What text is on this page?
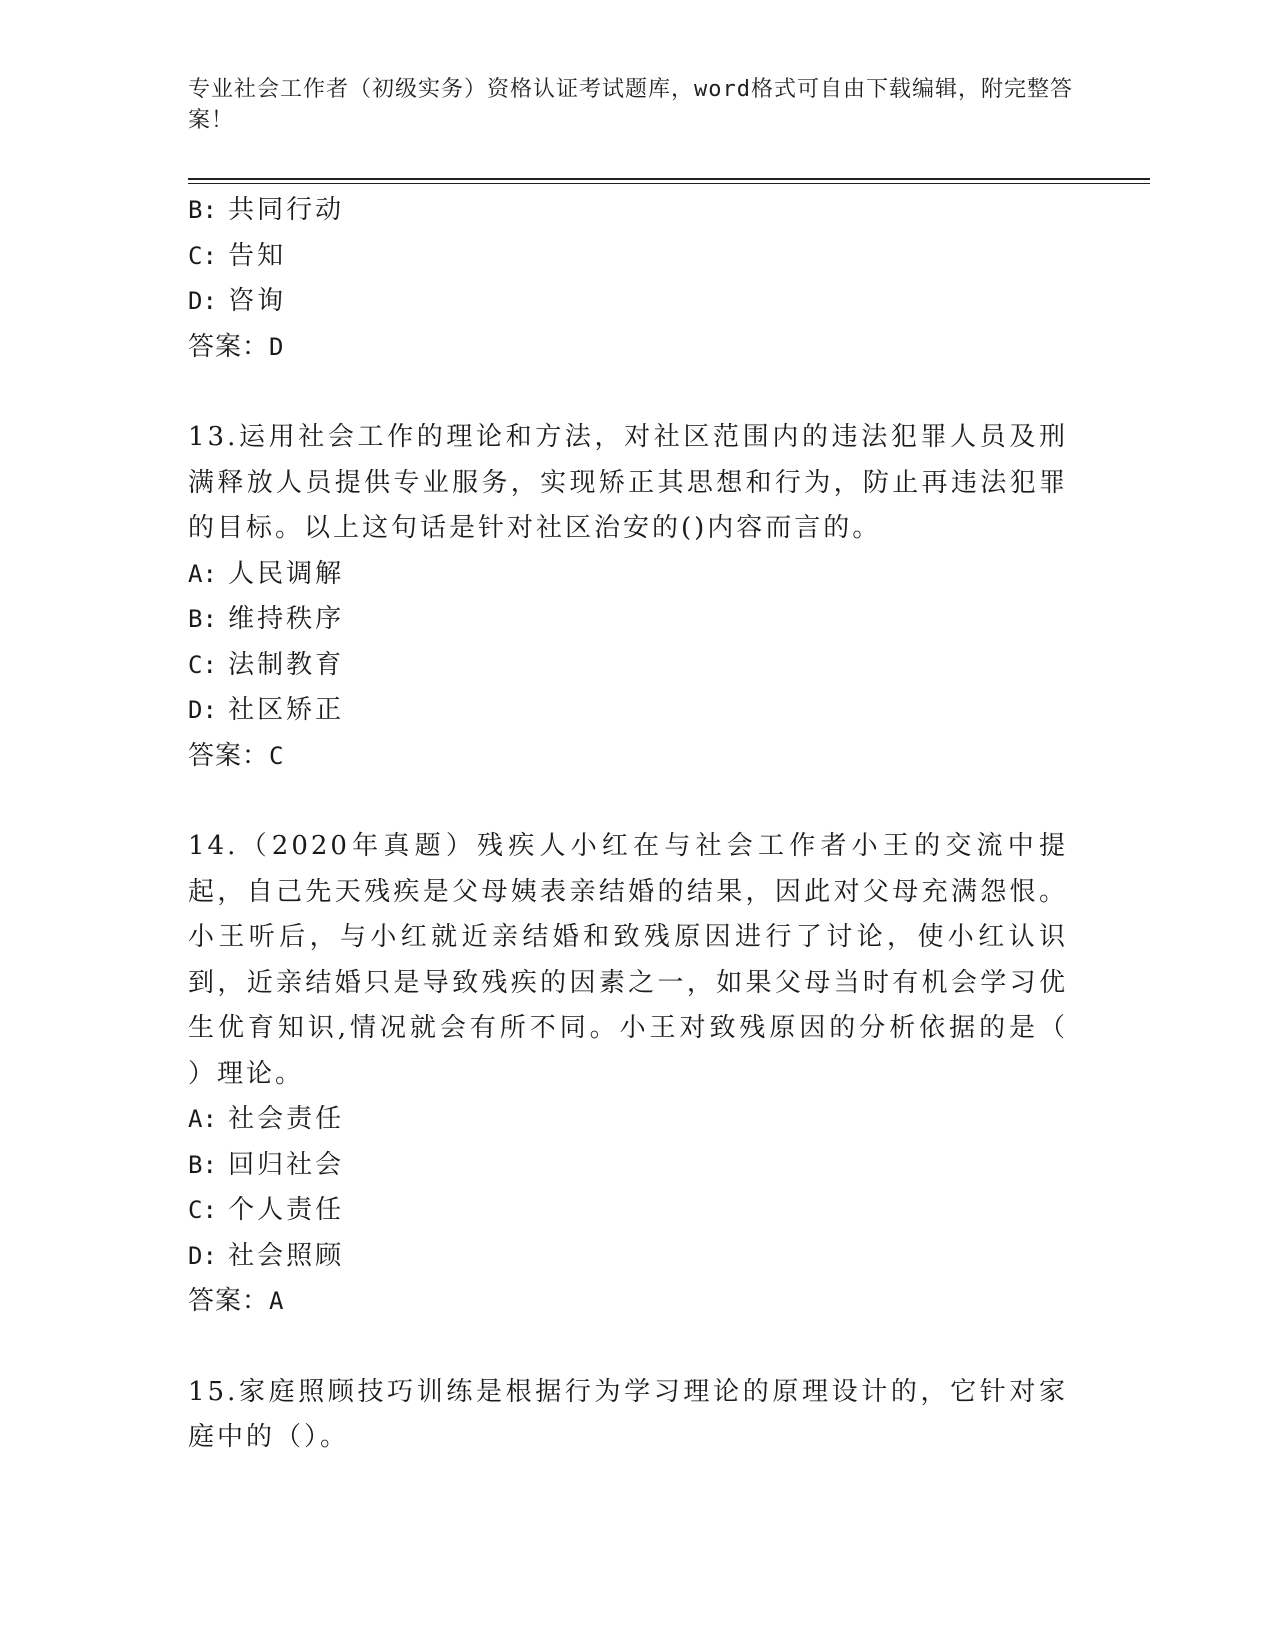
专业社会工作者（初级实务）资格认证考试题库，word格式可自由下载编辑，附完整答案！
B: 共同行动
C: 告知
D: 咨询
答案：D
13.运用社会工作的理论和方法，对社区范围内的违法犯罪人员及刑满释放人员提供专业服务，实现矫正其思想和行为，防止再违法犯罪的目标。以上这句话是针对社区治安的()内容而言的。
A: 人民调解
B: 维持秩序
C: 法制教育
D: 社区矫正
答案：C
14.（2020年真题）残疾人小红在与社会工作者小王的交流中提起，自己先天残疾是父母姨表亲结婚的结果，因此对父母充满怨恨。小王听后，与小红就近亲结婚和致残原因进行了讨论，使小红认识到，近亲结婚只是导致残疾的因素之一，如果父母当时有机会学习优生优育知识,情况就会有所不同。小王对致残原因的分析依据的是（　　）理论。
A: 社会责任
B: 回归社会
C: 个人责任
D: 社会照顾
答案：A
15.家庭照顾技巧训练是根据行为学习理论的原理设计的，它针对家庭中的（）。
